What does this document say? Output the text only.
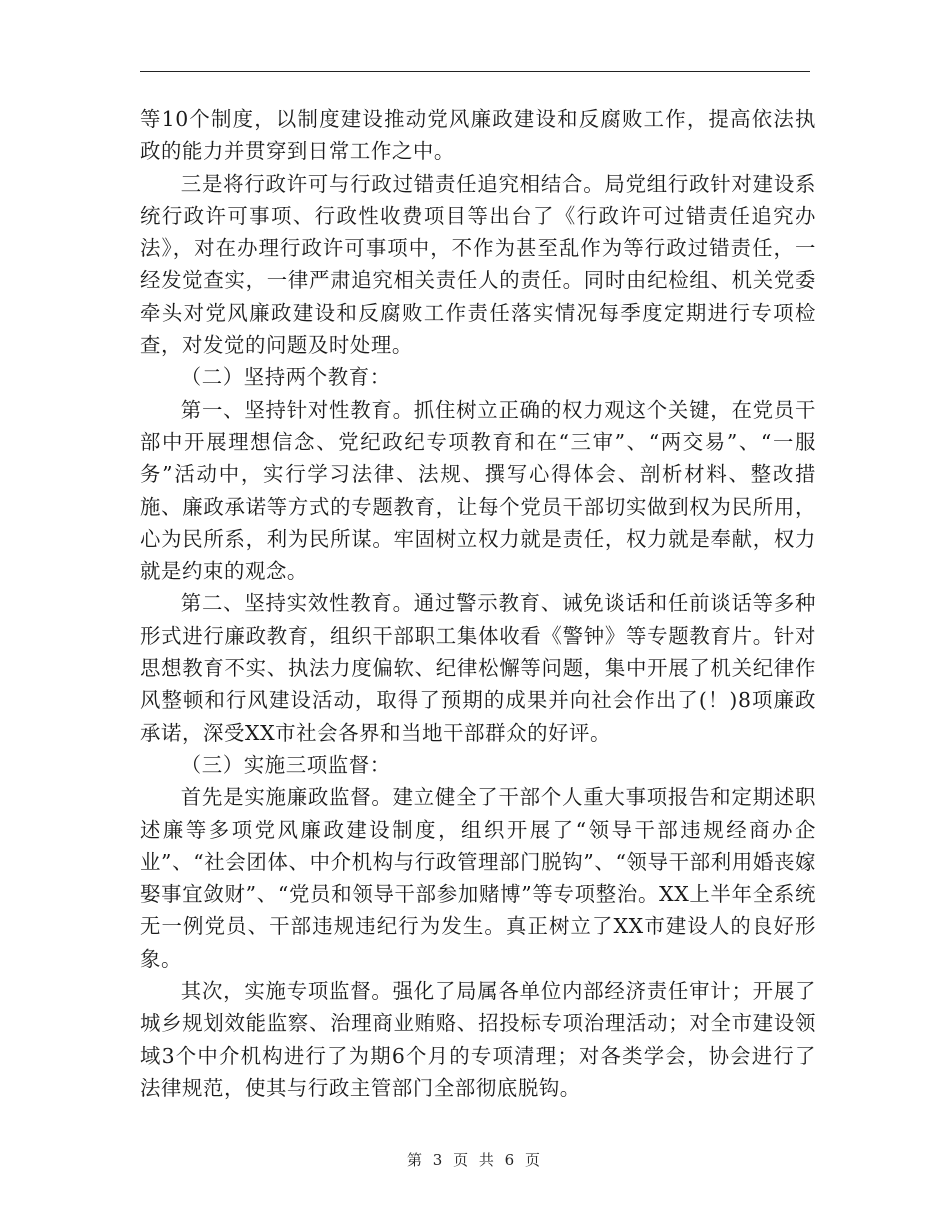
等10个制度，以制度建设推动党风廉政建设和反腐败工作，提高依法执政的能力并贯穿到日常工作之中。

三是将行政许可与行政过错责任追究相结合。局党组行政针对建设系统行政许可事项、行政性收费项目等出台了《行政许可过错责任追究办法》，对在办理行政许可事项中，不作为甚至乱作为等行政过错责任，一经发觉查实，一律严肃追究相关责任人的责任。同时由纪检组、机关党委牵头对党风廉政建设和反腐败工作责任落实情况每季度定期进行专项检查，对发觉的问题及时处理。

（二）坚持两个教育：

第一、坚持针对性教育。抓住树立正确的权力观这个关键，在党员干部中开展理想信念、党纪政纪专项教育和在“三审”、“两交易”、“一服务”活动中，实行学习法律、法规、撰写心得体会、剖析材料、整改措施、廉政承诺等方式的专题教育，让每个党员干部切实做到权为民所用，心为民所系，利为民所谋。牢固树立权力就是责任，权力就是奉献，权力就是约束的观念。

第二、坚持实效性教育。通过警示教育、诫免谈话和任前谈话等多种形式进行廉政教育，组织干部职工集体收看《警钟》等专题教育片。针对思想教育不实、执法力度偏软、纪律松懈等问题，集中开展了机关纪律作风整顿和行风建设活动，取得了预期的成果并向社会作出了(！)8项廉政承诺，深受XX市社会各界和当地干部群众的好评。

（三）实施三项监督：

首先是实施廉政监督。建立健全了干部个人重大事项报告和定期述职述廉等多项党风廉政建设制度，组织开展了“领导干部违规经商办企业”、“社会团体、中介机构与行政管理部门脱钩”、“领导干部利用婚丧嫁娶事宜敛财”、“党员和领导干部参加赌博”等专项整治。XX上半年全系统无一例党员、干部违规违纪行为发生。真正树立了XX市建设人的良好形象。

其次，实施专项监督。强化了局属各单位内部经济责任审计；开展了城乡规划效能监察、治理商业贿赂、招投标专项治理活动；对全市建设领域3个中介机构进行了为期6个月的专项清理；对各类学会，协会进行了法律规范，使其与行政主管部门全部彻底脱钩。

第 3 页 共 6 页
